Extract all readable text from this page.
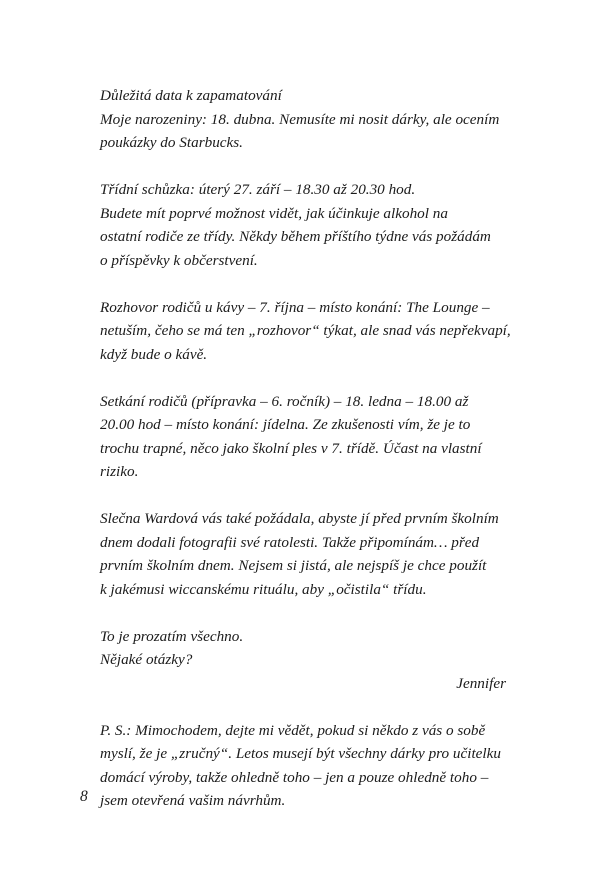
Důležitá data k zapamatování
Moje narozeniny: 18. dubna. Nemusíte mi nosit dárky, ale ocením
poukázky do Starbucks.

Třídní schůzka: úterý 27. září – 18.30 až 20.30 hod.
Budete mít poprvé možnost vidět, jak účinkuje alkohol na
ostatní rodiče ze třídy. Někdy během příštího týdne vás požádám
o příspěvky k občerstvení.

Rozhovor rodičů u kávy – 7. října – místo konání: The Lounge –
netuším, čeho se má ten „rozhovor“ týkat, ale snad vás nepřekvapí,
když bude o kávě.

Setkání rodičů (přípravka – 6. ročník) – 18. ledna – 18.00 až
20.00 hod – místo konání: jídelna. Ze zkušenosti vím, že je to
trochu trapné, něco jako školní ples v 7. třídě. Účast na vlastní
riziko.

Slečna Wardová vás také požádala, abyste jí před prvním školním
dnem dodali fotografii své ratolesti. Takže připomínám… před
prvním školním dnem. Nejsem si jistá, ale nejspíš je chce použít
k jakémusi wiccanskému rituálu, aby „očistila“ třídu.

To je prozatím všechno.
Nějaké otázky?
Jennifer

P. S.: Mimochodem, dejte mi vědět, pokud si někdo z vás o sobě
myslí, že je „zručný“. Letos musejí být všechny dárky pro učitelku
domácí výroby, takže ohledně toho – jen a pouze ohledně toho –
jsem otevřená vašim návrhům.

8
